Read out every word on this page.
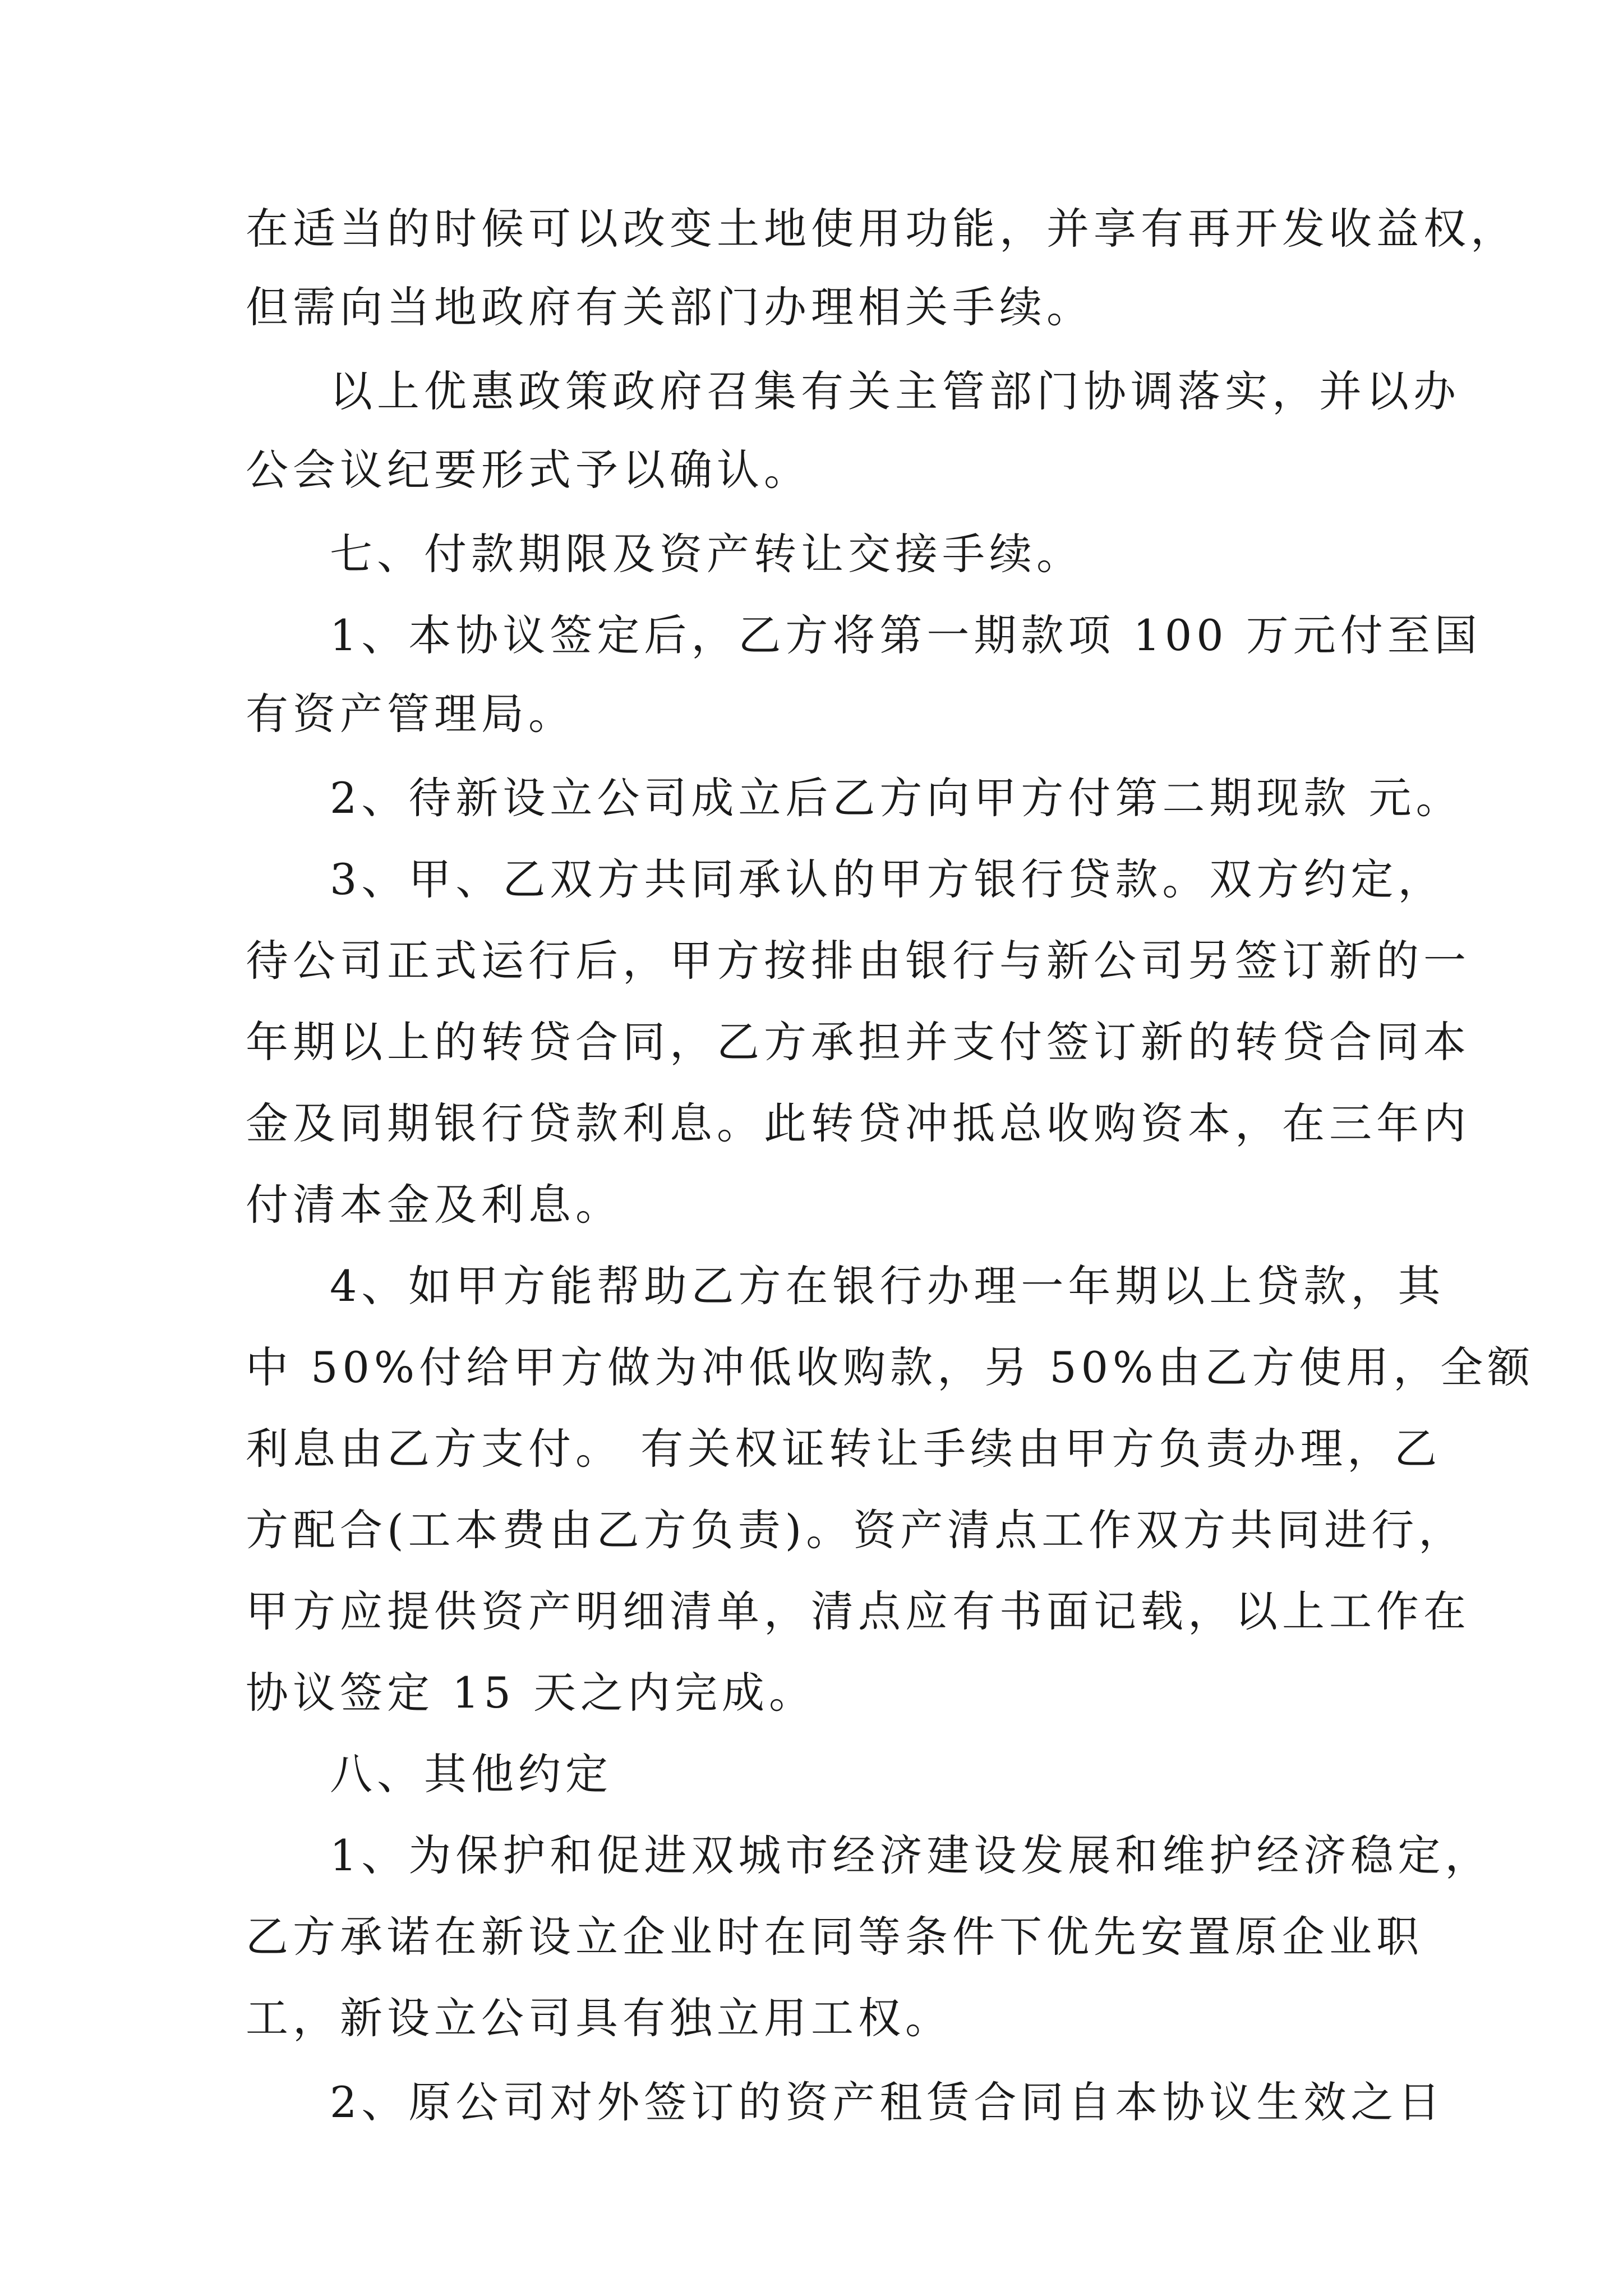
在适当的时候可以改变土地使用功能，并享有再开发收益权，
但需向当地政府有关部门办理相关手续。
以上优惠政策政府召集有关主管部门协调落实，并以办
公会议纪要形式予以确认。
七、付款期限及资产转让交接手续。
1、本协议签定后，乙方将第一期款项 100 万元付至国
有资产管理局。
2、待新设立公司成立后乙方向甲方付第二期现款 元。
3、甲、乙双方共同承认的甲方银行贷款。双方约定，
待公司正式运行后，甲方按排由银行与新公司另签订新的一
年期以上的转贷合同，乙方承担并支付签订新的转贷合同本
金及同期银行贷款利息。此转贷冲抵总收购资本，在三年内
付清本金及利息。
4、如甲方能帮助乙方在银行办理一年期以上贷款，其
中 50%付给甲方做为冲低收购款，另 50%由乙方使用，全额
利息由乙方支付。 有关权证转让手续由甲方负责办理，乙
方配合(工本费由乙方负责)。资产清点工作双方共同进行，
甲方应提供资产明细清单，清点应有书面记载，以上工作在
协议签定 15 天之内完成。
八、其他约定
1、为保护和促进双城市经济建设发展和维护经济稳定，
乙方承诺在新设立企业时在同等条件下优先安置原企业职
工，新设立公司具有独立用工权。
2、原公司对外签订的资产租赁合同自本协议生效之日
